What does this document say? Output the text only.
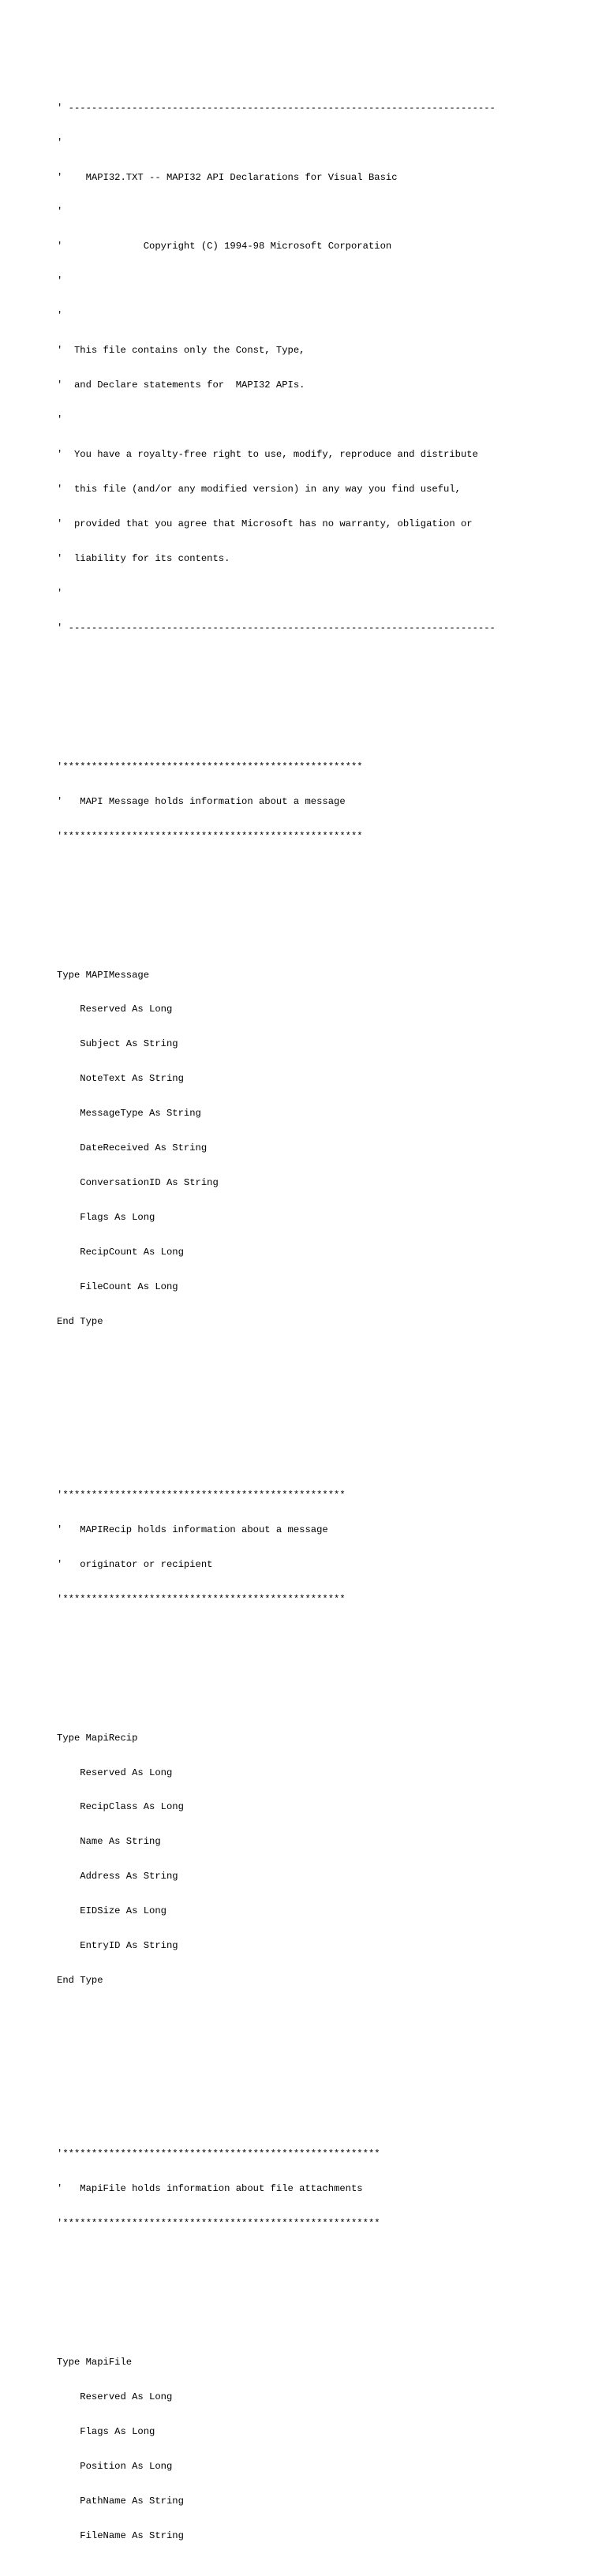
' --------------------------------------------------------------------------

'

'    MAPI32.TXT -- MAPI32 API Declarations for Visual Basic

'

'              Copyright (C) 1994-98 Microsoft Corporation

'

'

'  This file contains only the Const, Type,

'  and Declare statements for  MAPI32 APIs.

'

'  You have a royalty-free right to use, modify, reproduce and distribute

'  this file (and/or any modified version) in any way you find useful,

'  provided that you agree that Microsoft has no warranty, obligation or

'  liability for its contents.

'

' --------------------------------------------------------------------------

'****************************************************

'   MAPI Message holds information about a message

'****************************************************

Type MAPIMessage

Reserved As Long

Subject As String

NoteText As String

MessageType As String

DateReceived As String

ConversationID As String

Flags As Long

RecipCount As Long

FileCount As Long

End Type

'*************************************************

'   MAPIRecip holds information about a message

'   originator or recipient

'*************************************************

Type MapiRecip

Reserved As Long

RecipClass As Long

Name As String

Address As String

EIDSize As Long

EntryID As String

End Type

'*******************************************************

'   MapiFile holds information about file attachments

'*******************************************************

Type MapiFile

Reserved As Long

Flags As Long

Position As Long

PathName As String

FileName As String
